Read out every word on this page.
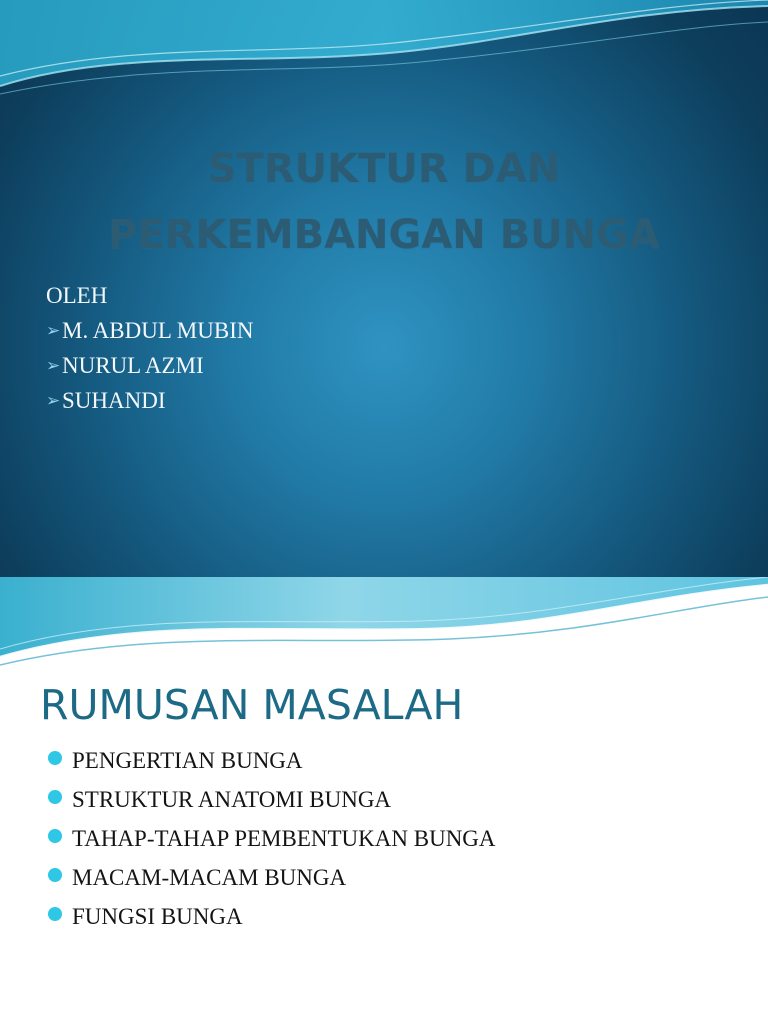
STRUKTUR DAN
PERKEMBANGAN BUNGA
OLEH
➢ M. ABDUL MUBIN
➢ NURUL AZMI
➢ SUHANDI
RUMUSAN MASALAH
PENGERTIAN BUNGA
STRUKTUR ANATOMI BUNGA
TAHAP-TAHAP PEMBENTUKAN BUNGA
MACAM-MACAM BUNGA
FUNGSI BUNGA
